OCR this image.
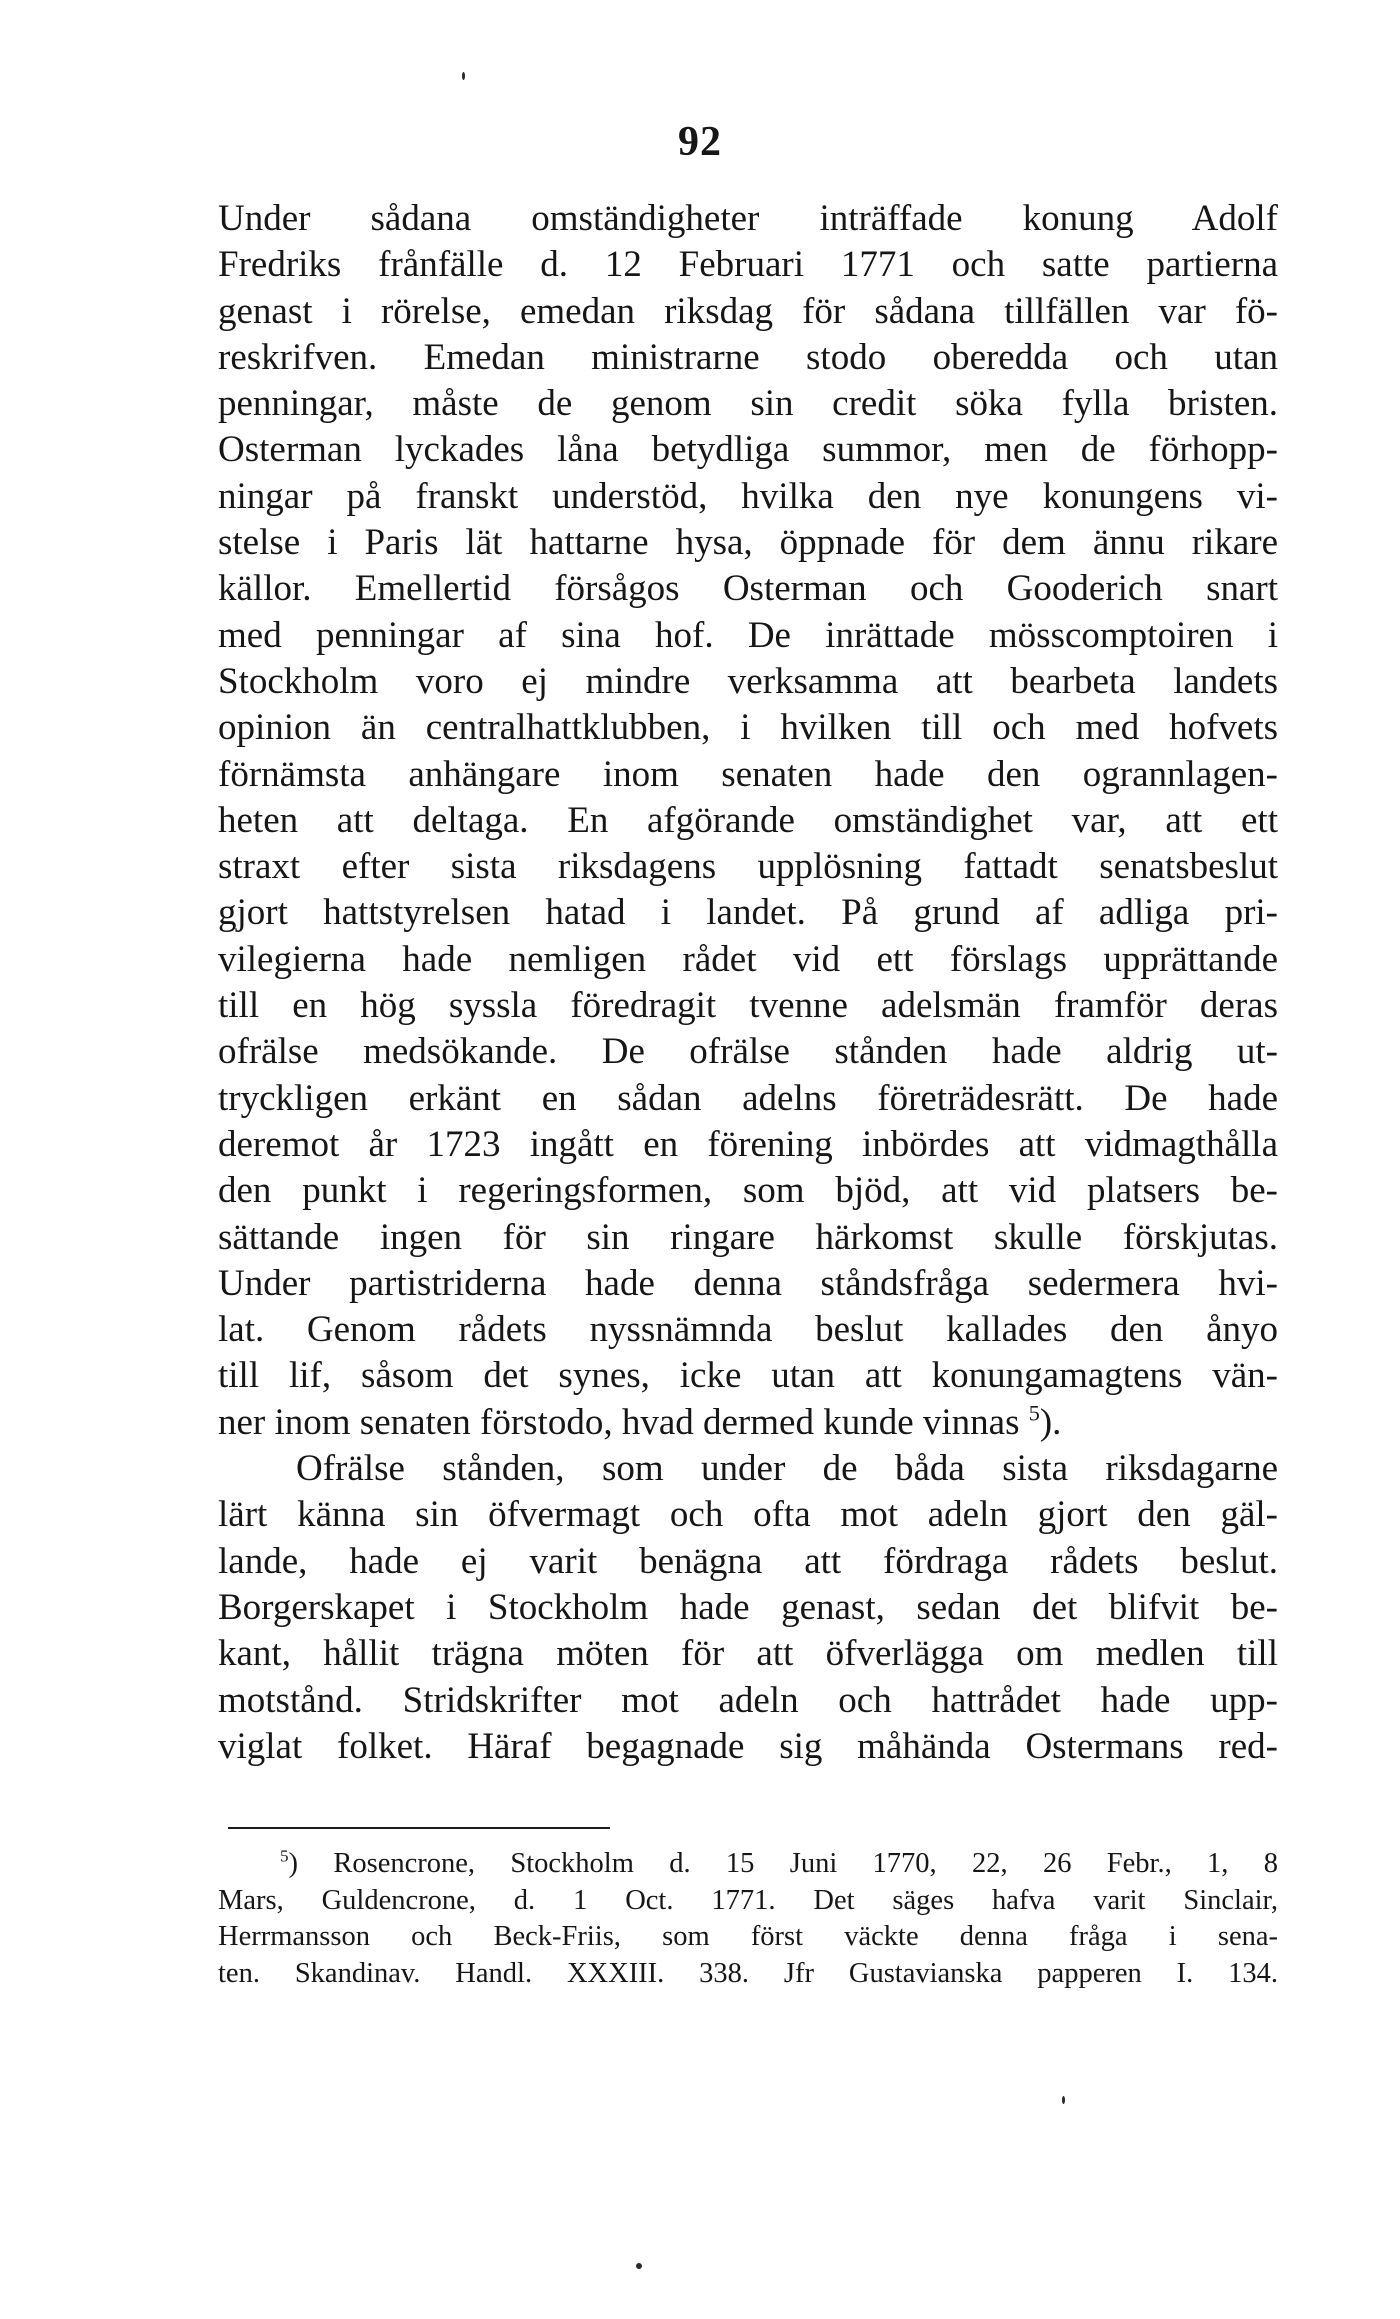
92
Under sådana omständigheter inträffade konung Adolf
Fredriks frånfälle d. 12 Februari 1771 och satte partierna
genast i rörelse, emedan riksdag för sådana tillfällen var fö-
reskrifven. Emedan ministrarne stodo oberedda och utan
penningar, måste de genom sin credit söka fylla bristen.
Osterman lyckades låna betydliga summor, men de förhopp-
ningar på franskt understöd, hvilka den nye konungens vi-
stelse i Paris lät hattarne hysa, öppnade för dem ännu rikare
källor. Emellertid försågos Osterman och Gooderich snart
med penningar af sina hof. De inrättade mösscomptoiren i
Stockholm voro ej mindre verksamma att bearbeta landets
opinion än centralhattklubben, i hvilken till och med hofvets
förnämsta anhängare inom senaten hade den ogrannlagen-
heten att deltaga. En afgörande omständighet var, att ett
straxt efter sista riksdagens upplösning fattadt senatsbeslut
gjort hattstyrelsen hatad i landet. På grund af adliga pri-
vilegierna hade nemligen rådet vid ett förslags upprättande
till en hög syssla föredragit tvenne adelsmän framför deras
ofrälse medsökande. De ofrälse stånden hade aldrig ut-
tryckligen erkänt en sådan adelns företrädesrätt. De hade
deremot år 1723 ingått en förening inbördes att vidmagthålla
den punkt i regeringsformen, som bjöd, att vid platsers be-
sättande ingen för sin ringare härkomst skulle förskjutas.
Under partistriderna hade denna ståndsfråga sedermera hvi-
lat. Genom rådets nyssnämnda beslut kallades den ånyo
till lif, såsom det synes, icke utan att konungamagtens vän-
ner inom senaten förstodo, hvad dermed kunde vinnas $^5$).
Ofrälse stånden, som under de båda sista riksdagarne
lärt känna sin öfvermagt och ofta mot adeln gjort den gäl-
lande, hade ej varit benägna att fördraga rådets beslut.
Borgerskapet i Stockholm hade genast, sedan det blifvit be-
kant, hållit trägna möten för att öfverlägga om medlen till
motstånd. Stridskrifter mot adeln och hattrådet hade upp-
viglat folket. Häraf begagnade sig måhända Ostermans red-
$^5$) Rosencrone, Stockholm d. 15 Juni 1770, 22, 26 Febr., 1, 8
Mars, Guldencrone, d. 1 Oct. 1771. Det säges hafva varit Sinclair,
Herrmansson och Beck-Friis, som först väckte denna fråga i sena-
ten. Skandinav. Handl. XXXIII. 338. Jfr Gustavianska papperen I. 134.
